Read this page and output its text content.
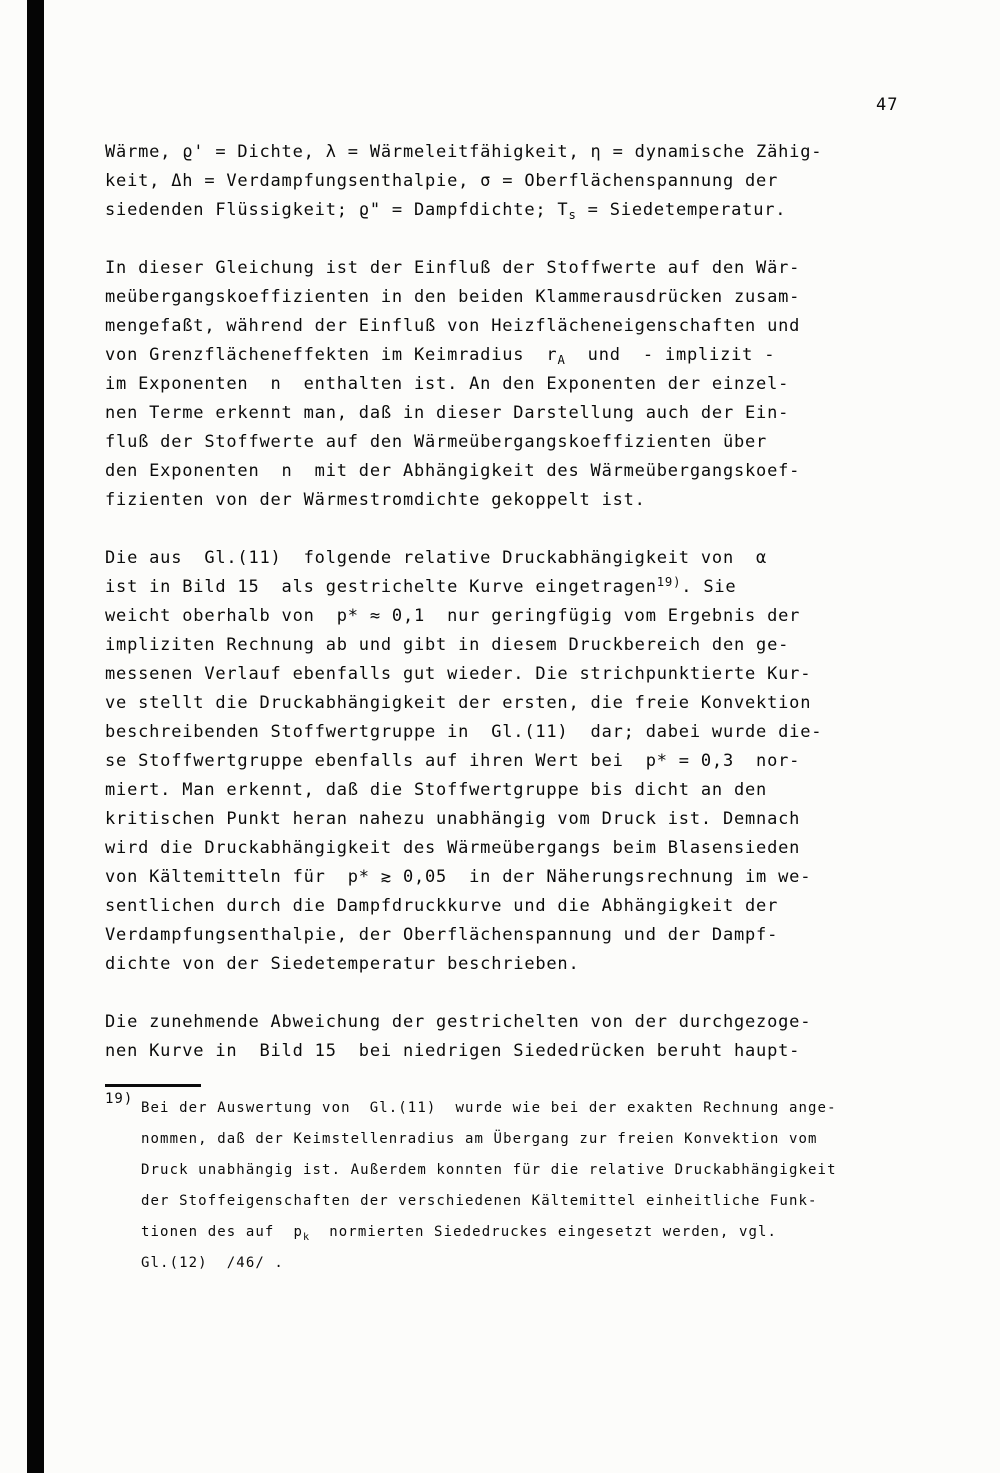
47
Wärme, ϱ' = Dichte, λ = Wärmeleitfähigkeit, η = dynamische Zähig-
keit, Δh = Verdampfungsenthalpie, σ = Oberflächenspannung der
siedenden Flüssigkeit; ϱ" = Dampfdichte; $T_s$ = Siedetemperatur.
In dieser Gleichung ist der Einfluß der Stoffwerte auf den Wär-
meübergangskoeffizienten in den beiden Klammerausdrücken zusam-
mengefaßt, während der Einfluß von Heizflächeneigenschaften und
von Grenzflächeneffekten im Keimradius  $r_A$  und  - implizit -
im Exponenten  n  enthalten ist. An den Exponenten der einzel-
nen Terme erkennt man, daß in dieser Darstellung auch der Ein-
fluß der Stoffwerte auf den Wärmeübergangskoeffizienten über
den Exponenten  n  mit der Abhängigkeit des Wärmeübergangskoef-
fizienten von der Wärmestromdichte gekoppelt ist.
Die aus  Gl.(11)  folgende relative Druckabhängigkeit von  α
ist in Bild 15  als gestrichelte Kurve eingetragen$^{19)}$. Sie
weicht oberhalb von  p* ≈ 0,1  nur geringfügig vom Ergebnis der
impliziten Rechnung ab und gibt in diesem Druckbereich den ge-
messenen Verlauf ebenfalls gut wieder. Die strichpunktierte Kur-
ve stellt die Druckabhängigkeit der ersten, die freie Konvektion
beschreibenden Stoffwertgruppe in  Gl.(11)  dar; dabei wurde die-
se Stoffwertgruppe ebenfalls auf ihren Wert bei  p* = 0,3  nor-
miert. Man erkennt, daß die Stoffwertgruppe bis dicht an den
kritischen Punkt heran nahezu unabhängig vom Druck ist. Demnach
wird die Druckabhängigkeit des Wärmeübergangs beim Blasensieden
von Kältemitteln für  p* ≳ 0,05  in der Näherungsrechnung im we-
sentlichen durch die Dampfdruckkurve und die Abhängigkeit der
Verdampfungsenthalpie, der Oberflächenspannung und der Dampf-
dichte von der Siedetemperatur beschrieben.
Die zunehmende Abweichung der gestrichelten von der durchgezoge-
nen Kurve in  Bild 15  bei niedrigen Siededrücken beruht haupt-
19)
Bei der Auswertung von  Gl.(11)  wurde wie bei der exakten Rechnung ange-
nommen, daß der Keimstellenradius am Übergang zur freien Konvektion vom
Druck unabhängig ist. Außerdem konnten für die relative Druckabhängigkeit
der Stoffeigenschaften der verschiedenen Kältemittel einheitliche Funk-
tionen des auf  $p_k$  normierten Siededruckes eingesetzt werden, vgl.
Gl.(12)  /46/ .
